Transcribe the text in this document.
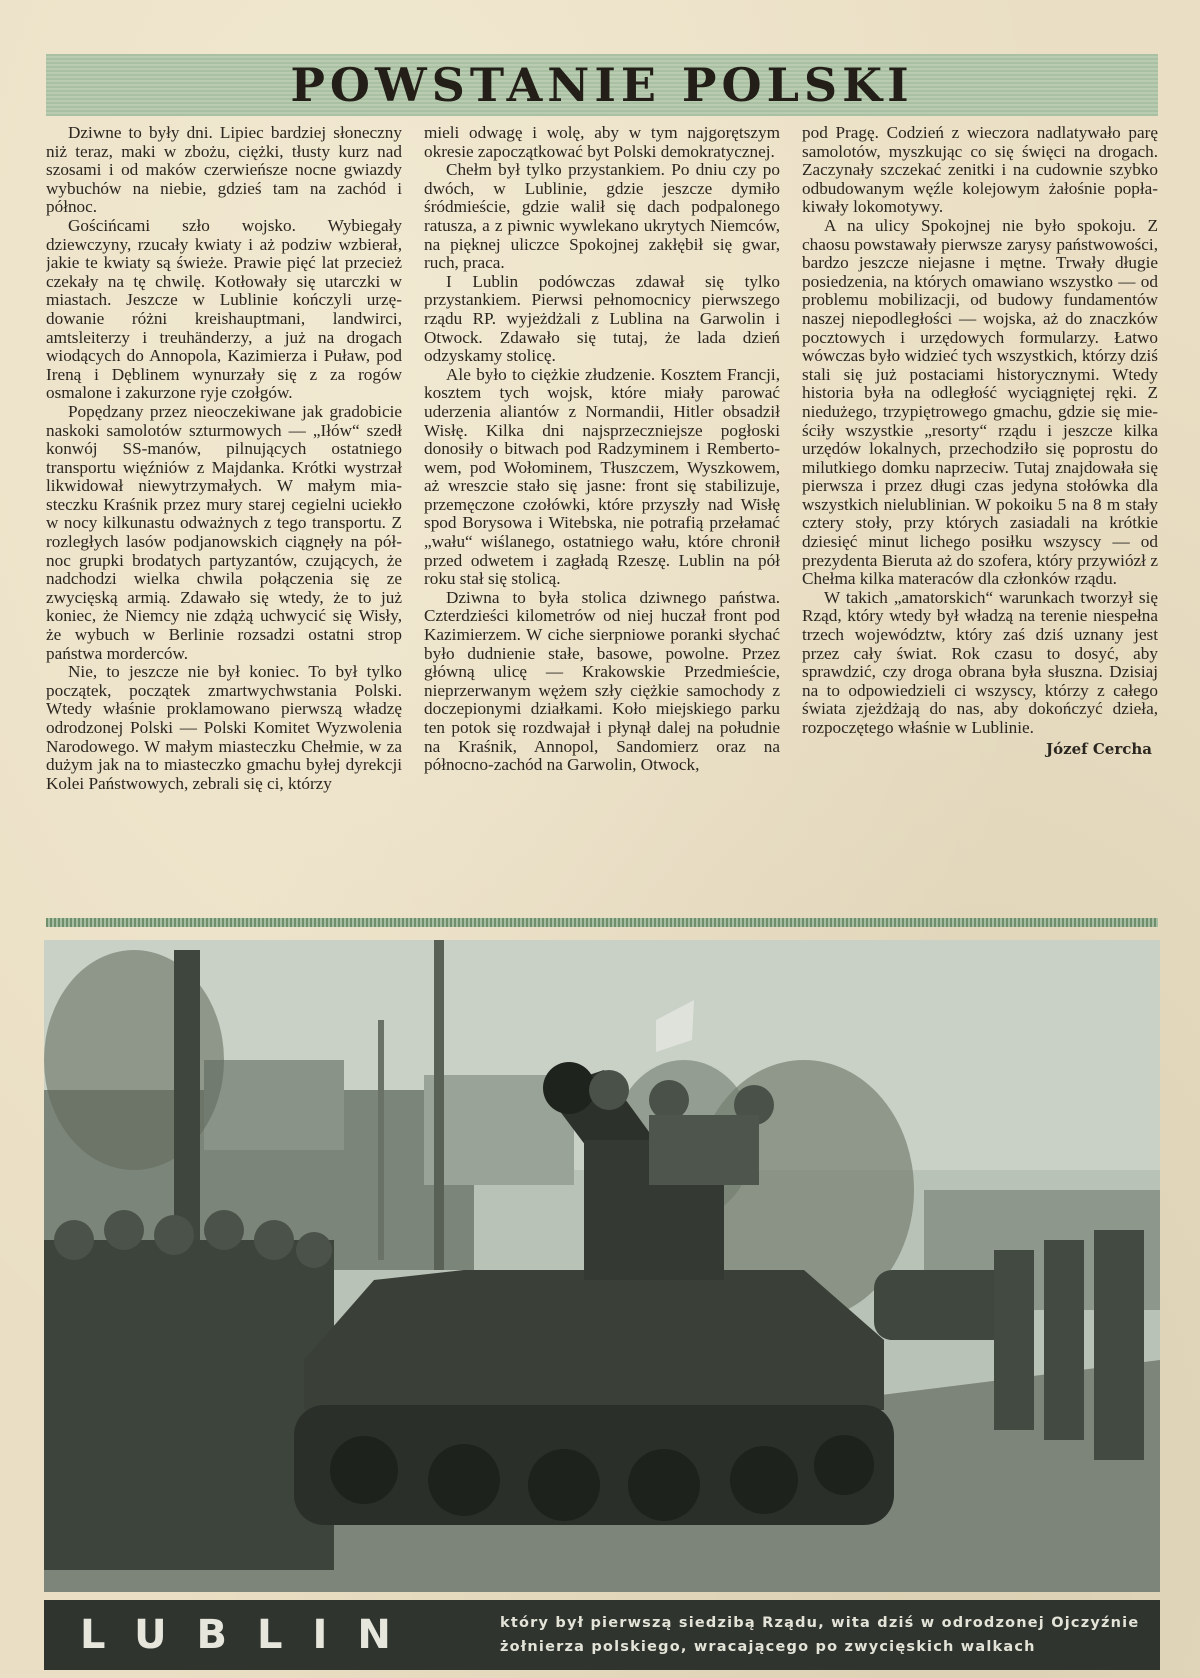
POWSTANIE POLSKI

Dziwne to były dni. Lipiec bardziej słoneczny niż teraz, maki w zbożu, ciężki, tłusty kurz nad szosami i od maków czerwieńsze nocne gwiazdy wybuchów na niebie, gdzieś tam na zachód i północ.

Gościńcami szło wojsko. Wybiegały dziewczyny, rzucały kwiaty i aż podziw wzbierał, jakie te kwiaty są świeże. Prawie pięć lat przecież czekały na tę chwilę. Kotłowały się utarczki w miastach. Jeszcze w Lublinie kończyli urzędowanie różni kreishauptmani, landwirci, amtsleiterzy i treuhänderzy, a już na drogach wiodących do Annopola, Kazimierza i Puław, pod Ireną i Dęblinem wynurzały się z za rogów osmalone i zakurzone ryje czołgów.

Popędzany przez nieoczekiwane jak gradobicie naskoki samolotów szturmowych — „Iłów“ szedł konwój SS-manów, pilnujących ostatniego transportu więźniów z Majdanka. Krótki wystrzał likwidował niewytrzymałych. W małym miasteczku Kraśnik przez mury starej cegielni uciekło w nocy kilkunastu odważnych z tego transportu. Z rozległych lasów podjanowskich ciągnęły na północ grupki brodatych partyzantów, czujących, że nadchodzi wielka chwila połączenia się ze zwycięską armią. Zdawało się wtedy, że to już koniec, że Niemcy nie zdążą uchwycić się Wisły, że wybuch w Berlinie rozsadzi ostatni strop państwa morderców.

Nie, to jeszcze nie był koniec. To był tylko początek, początek zmartwychwstania Polski. Wtedy właśnie proklamowano pierwszą władzę odrodzonej Polski — Polski Komitet Wyzwolenia Narodowego. W małym miasteczku Chełmie, w za dużym jak na to miasteczko gmachu byłej dyrekcji Kolei Państwowych, zebrali się ci, którzy

mieli odwagę i wolę, aby w tym najgorętszym okresie zapoczątkować byt Polski demokratycznej.

Chełm był tylko przystankiem. Po dniu czy po dwóch, w Lublinie, gdzie jeszcze dymiło śródmieście, gdzie walił się dach podpalonego ratusza, a z piwnic wywlekano ukrytych Niemców, na pięknej uliczce Spokojnej zakłębił się gwar, ruch, praca.

I Lublin podówczas zdawał się tylko przystankiem. Pierwsi pełnomocnicy pierwszego rządu RP. wyjeżdżali z Lublina na Garwolin i Otwock. Zdawało się tutaj, że lada dzień odzyskamy stolicę.

Ale było to ciężkie złudzenie. Kosztem Francji, kosztem tych wojsk, które miały parować uderzenia aliantów z Normandii, Hitler obsadził Wisłę. Kilka dni najsprzeczniejsze pogłoski donosiły o bitwach pod Radzyminem i Rembertowem, pod Wołominem, Tłuszczem, Wyszkowem, aż wreszcie stało się jasne: front się stabilizuje, przemęczone czołówki, które przyszły nad Wisłę spod Borysowa i Witebska, nie potrafią przełamać „wału“ wiślanego, ostatniego wału, które chronił przed odwetem i zagładą Rzeszę. Lublin na pół roku stał się stolicą.

Dziwna to była stolica dziwnego państwa. Czterdzieści kilometrów od niej huczał front pod Kazimierzem. W ciche sierpniowe poranki słychać było dudnienie stałe, basowe, powolne. Przez główną ulicę — Krakowskie Przedmieście, nieprzerwanym wężem szły ciężkie samochody z doczepionymi działkami. Koło miejskiego parku ten potok się rozdwajał i płynął dalej na południe na Kraśnik, Annopol, Sandomierz oraz na północno-zachód na Garwolin, Otwock,

pod Pragę. Codzień z wieczora nadlatywało parę samolotów, myszkując co się święci na drogach. Zaczynały szczekać zenitki i na cudownie szybko odbudowanym węźle kolejowym żałośnie popłakiwały lokomotywy.

A na ulicy Spokojnej nie było spokoju. Z chaosu powstawały pierwsze zarysy państwowości, bardzo jeszcze niejasne i mętne. Trwały długie posiedzenia, na których omawiano wszystko — od problemu mobilizacji, od budowy fundamentów naszej niepodległości — wojska, aż do znaczków pocztowych i urzędowych formularzy. Łatwo wówczas było widzieć tych wszystkich, którzy dziś stali się już postaciami historycznymi. Wtedy historia była na odległość wyciągniętej ręki. Z niedużego, trzypiętrowego gmachu, gdzie się mieściły wszystkie „resorty“ rządu i jeszcze kilka urzędów lokalnych, przechodziło się poprostu do milutkiego domku naprzeciw. Tutaj znajdowała się pierwsza i przez długi czas jedyna stołówka dla wszystkich nielublinian. W pokoiku 5 na 8 m stały cztery stoły, przy których zasiadali na krótkie dziesięć minut lichego posiłku wszyscy — od prezydenta Bieruta aż do szofera, który przywiózł z Chełma kilka materaców dla członków rządu.

W takich „amatorskich“ warunkach tworzył się Rząd, który wtedy był władzą na terenie niespełna trzech województw, który zaś dziś uznany jest przez cały świat. Rok czasu to dosyć, aby sprawdzić, czy droga obrana była słuszna. Dzisiaj na to odpowiedzieli ci wszyscy, którzy z całego świata zjeżdżają do nas, aby dokończyć dzieła, rozpoczętego właśnie w Lublinie.

Józef Cercha
LUBLIN	który był pierwszą siedzibą Rządu, wita dziś w odrodzonej Ojczyźnie
żołnierza polskiego, wracającego po zwycięskich walkach
